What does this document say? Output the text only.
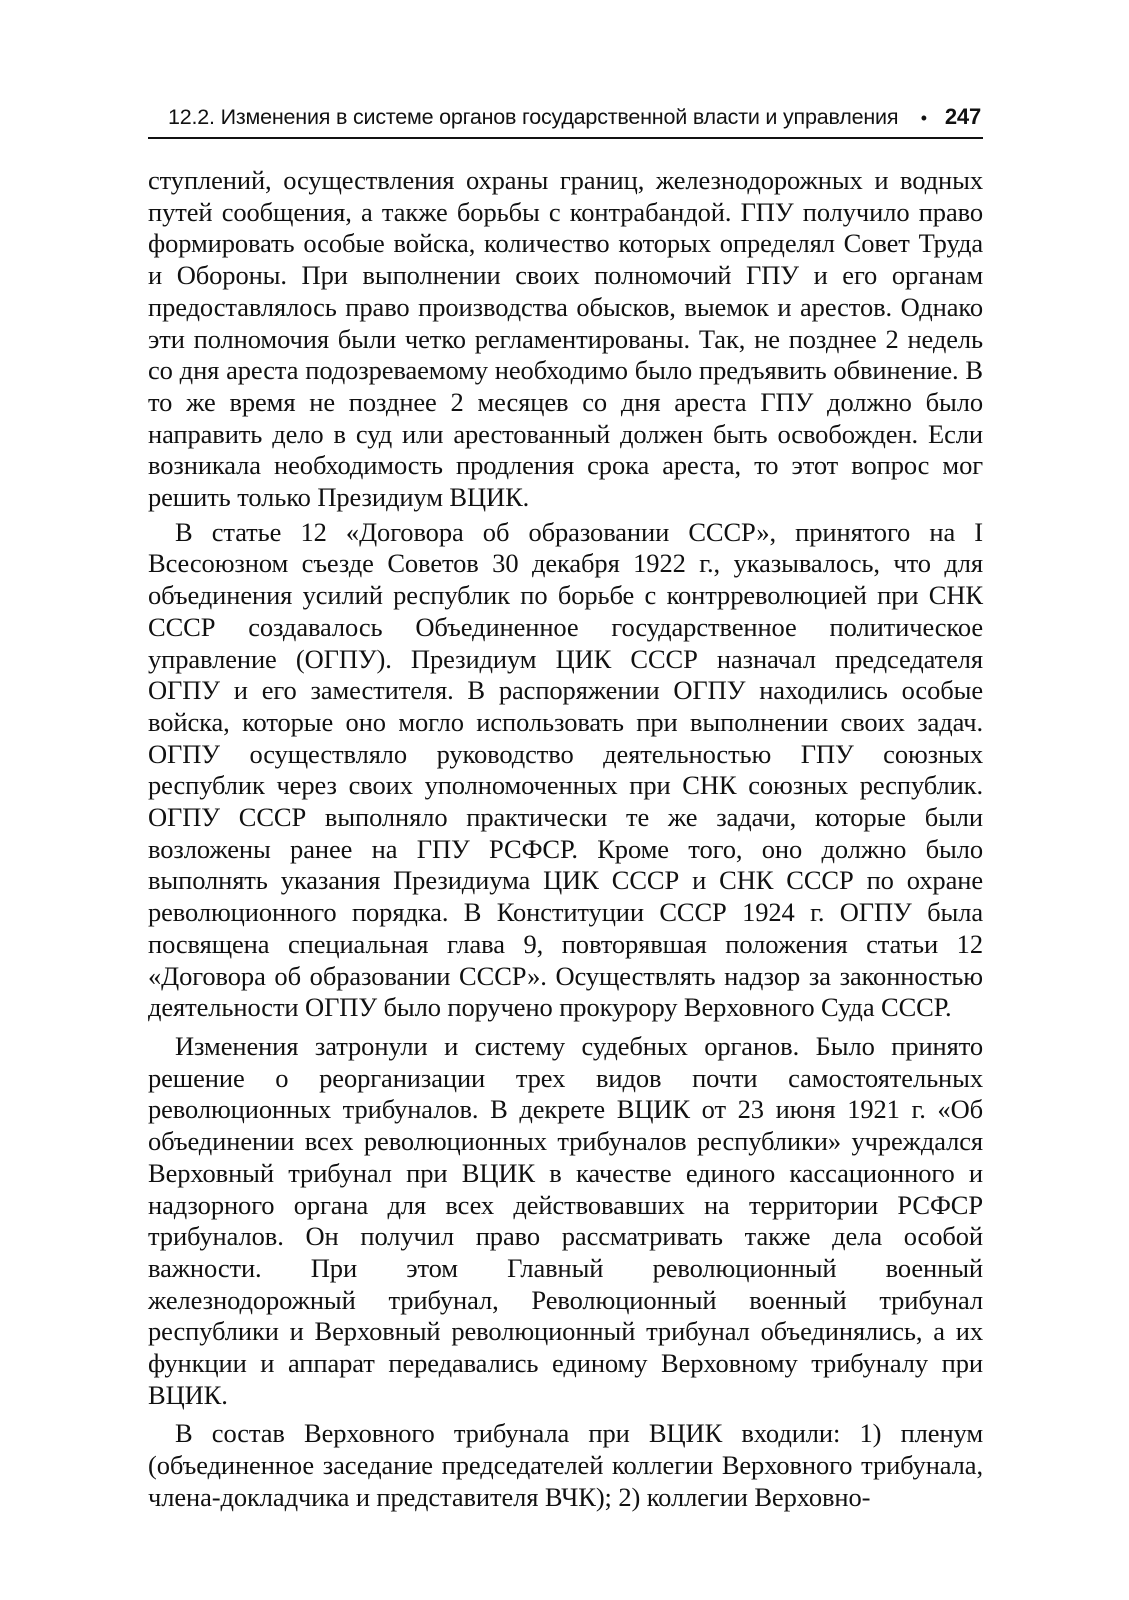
12.2. Изменения в системе органов государственной власти и управления • 247

ступлений, осуществления охраны границ, железнодорожных и водных путей сообщения, а также борьбы с контрабандой. ГПУ получило право формировать особые войска, количество которых определял Совет Труда и Обороны. При выполнении своих полномочий ГПУ и его органам предоставлялось право производства обысков, выемок и арестов. Однако эти полномочия были четко регламентированы. Так, не позднее 2 недель со дня ареста подозреваемому необходимо было предъявить обвинение. В то же время не позднее 2 месяцев со дня ареста ГПУ должно было направить дело в суд или арестованный должен быть освобожден. Если возникала необходимость продления срока ареста, то этот вопрос мог решить только Президиум ВЦИК.

В статье 12 «Договора об образовании СССР», принятого на I Всесоюзном съезде Советов 30 декабря 1922 г., указывалось, что для объединения усилий республик по борьбе с контрреволюцией при СНК СССР создавалось Объединенное государственное политическое управление (ОГПУ). Президиум ЦИК СССР назначал председателя ОГПУ и его заместителя. В распоряжении ОГПУ находились особые войска, которые оно могло использовать при выполнении своих задач. ОГПУ осуществляло руководство деятельностью ГПУ союзных республик через своих уполномоченных при СНК союзных республик. ОГПУ СССР выполняло практически те же задачи, которые были возложены ранее на ГПУ РСФСР. Кроме того, оно должно было выполнять указания Президиума ЦИК СССР и СНК СССР по охране революционного порядка. В Конституции СССР 1924 г. ОГПУ была посвящена специальная глава 9, повторявшая положения статьи 12 «Договора об образовании СССР». Осуществлять надзор за законностью деятельности ОГПУ было поручено прокурору Верховного Суда СССР.

Изменения затронули и систему судебных органов. Было принято решение о реорганизации трех видов почти самостоятельных революционных трибуналов. В декрете ВЦИК от 23 июня 1921 г. «Об объединении всех революционных трибуналов республики» учреждался Верховный трибунал при ВЦИК в качестве единого кассационного и надзорного органа для всех действовавших на территории РСФСР трибуналов. Он получил право рассматривать также дела особой важности. При этом Главный революционный военный железнодорожный трибунал, Революционный военный трибунал республики и Верховный революционный трибунал объединялись, а их функции и аппарат передавались единому Верховному трибуналу при ВЦИК.

В состав Верховного трибунала при ВЦИК входили: 1) пленум (объединенное заседание председателей коллегии Верховного трибунала, члена-докладчика и представителя ВЧК); 2) коллегии Верховно-
